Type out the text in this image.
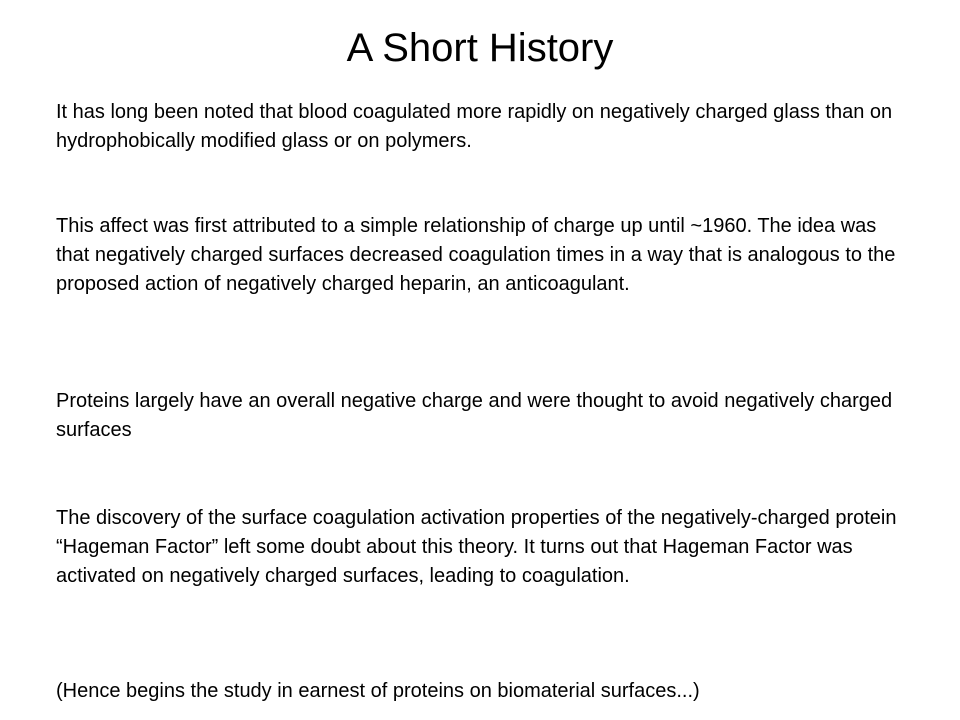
A Short History

It has long been noted that blood coagulated more rapidly on negatively charged glass than on hydrophobically modified glass or on polymers.

This affect was first attributed to a simple relationship of charge up until ~1960. The idea was that negatively charged surfaces decreased coagulation times in a way that is analogous to the proposed action of negatively charged heparin, an anticoagulant.

Proteins largely have an overall negative charge and were thought to avoid negatively charged surfaces

The discovery of the surface coagulation activation properties of the negatively-charged protein “Hageman Factor” left some doubt about this theory. It turns out that Hageman Factor was activated on negatively charged surfaces, leading to coagulation.

(Hence begins the study in earnest of proteins on biomaterial surfaces...)
